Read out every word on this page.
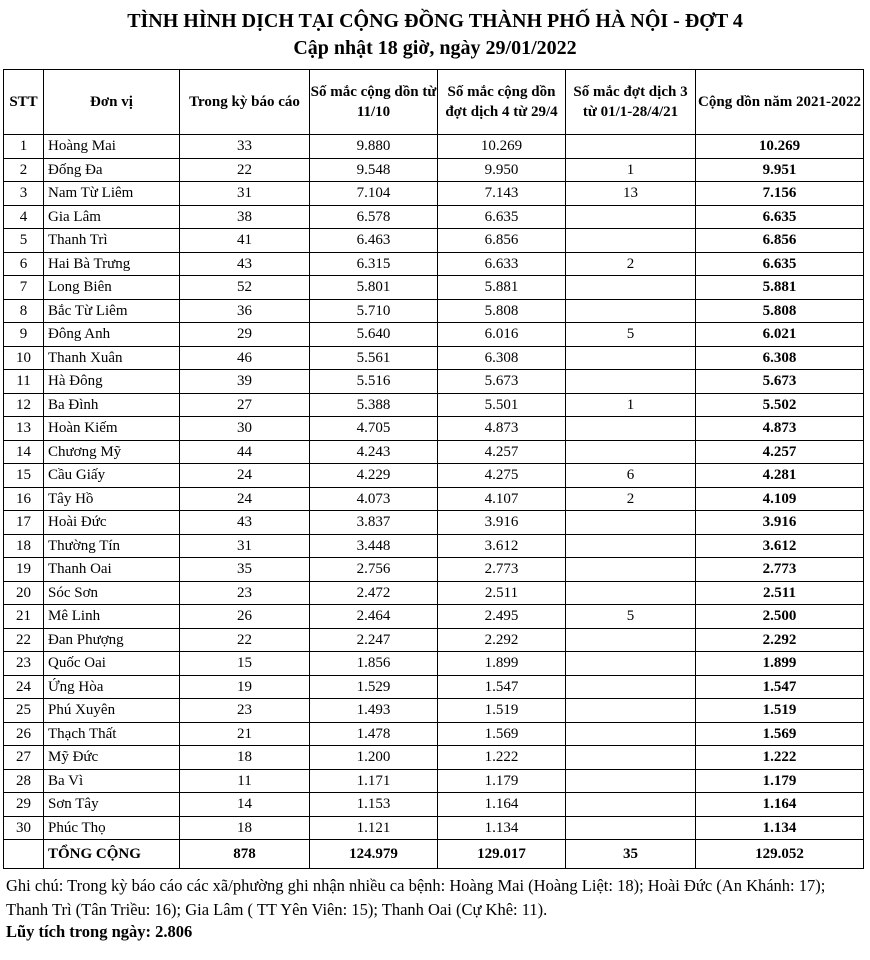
TÌNH HÌNH DỊCH TẠI CỘNG ĐỒNG THÀNH PHỐ HÀ NỘI - ĐỢT 4
Cập nhật 18 giờ, ngày 29/01/2022
STT	Đơn vị	Trong kỳ báo cáo	Số mắc cộng dồn từ 11/10	Số mắc cộng dồn đợt dịch 4 từ 29/4	Số mắc đợt dịch 3 từ 01/1-28/4/21	Cộng dồn năm 2021-2022
1	Hoàng Mai	33	9.880	10.269		10.269
2	Đống Đa	22	9.548	9.950	1	9.951
3	Nam Từ Liêm	31	7.104	7.143	13	7.156
4	Gia Lâm	38	6.578	6.635		6.635
5	Thanh Trì	41	6.463	6.856		6.856
6	Hai Bà Trưng	43	6.315	6.633	2	6.635
7	Long Biên	52	5.801	5.881		5.881
8	Bắc Từ Liêm	36	5.710	5.808		5.808
9	Đông Anh	29	5.640	6.016	5	6.021
10	Thanh Xuân	46	5.561	6.308		6.308
11	Hà Đông	39	5.516	5.673		5.673
12	Ba Đình	27	5.388	5.501	1	5.502
13	Hoàn Kiếm	30	4.705	4.873		4.873
14	Chương Mỹ	44	4.243	4.257		4.257
15	Cầu Giấy	24	4.229	4.275	6	4.281
16	Tây Hồ	24	4.073	4.107	2	4.109
17	Hoài Đức	43	3.837	3.916		3.916
18	Thường Tín	31	3.448	3.612		3.612
19	Thanh Oai	35	2.756	2.773		2.773
20	Sóc Sơn	23	2.472	2.511		2.511
21	Mê Linh	26	2.464	2.495	5	2.500
22	Đan Phượng	22	2.247	2.292		2.292
23	Quốc Oai	15	1.856	1.899		1.899
24	Ứng Hòa	19	1.529	1.547		1.547
25	Phú Xuyên	23	1.493	1.519		1.519
26	Thạch Thất	21	1.478	1.569		1.569
27	Mỹ Đức	18	1.200	1.222		1.222
28	Ba Vì	11	1.171	1.179		1.179
29	Sơn Tây	14	1.153	1.164		1.164
30	Phúc Thọ	18	1.121	1.134		1.134
	TỔNG CỘNG	878	124.979	129.017	35	129.052
Ghi chú: Trong kỳ báo cáo các xã/phường ghi nhận nhiều ca bệnh: Hoàng Mai (Hoàng Liệt: 18); Hoài Đức (An Khánh: 17); Thanh Trì (Tân Triều: 16); Gia Lâm ( TT Yên Viên: 15); Thanh Oai (Cự Khê: 11).
Lũy tích trong ngày: 2.806
